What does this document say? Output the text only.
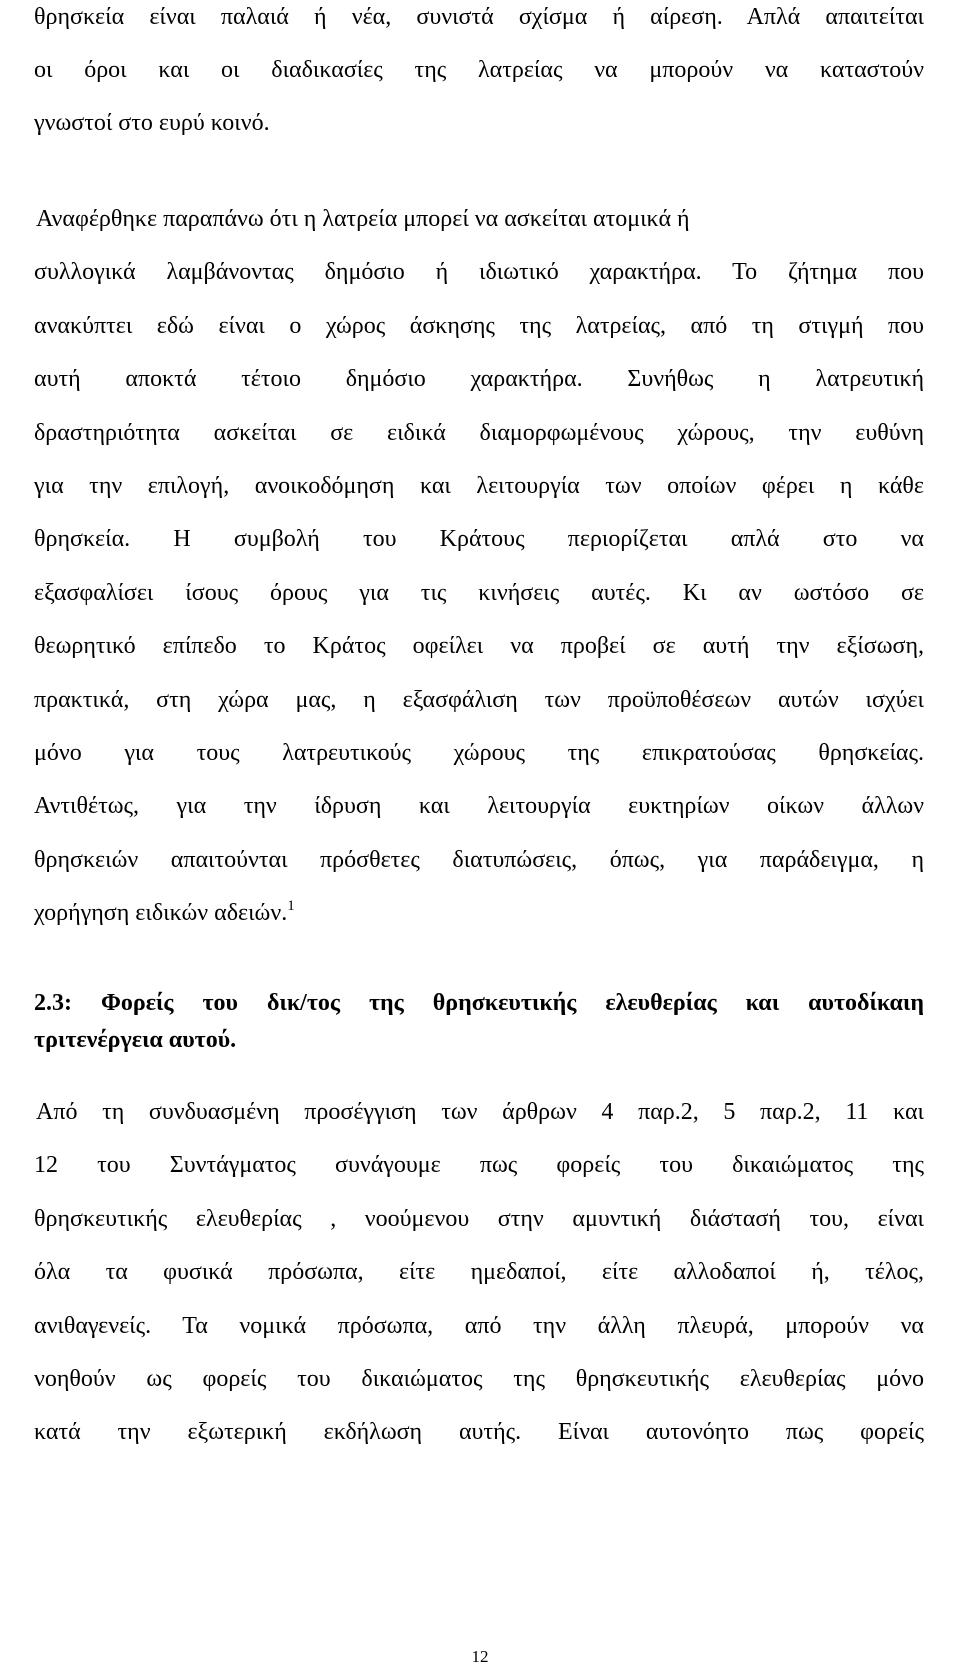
θρησκεία είναι παλαιά ή νέα, συνιστά σχίσμα ή αίρεση. Απλά απαιτείται
οι όροι και οι διαδικασίες της λατρείας να μπορούν να καταστούν
γνωστοί στο ευρύ κοινό.
Αναφέρθηκε παραπάνω ότι η λατρεία μπορεί να ασκείται ατομικά ή
συλλογικά λαμβάνοντας δημόσιο ή ιδιωτικό χαρακτήρα. Το ζήτημα που
ανακύπτει εδώ είναι ο χώρος άσκησης της λατρείας, από τη στιγμή που
αυτή αποκτά τέτοιο δημόσιο χαρακτήρα. Συνήθως η λατρευτική
δραστηριότητα ασκείται σε ειδικά διαμορφωμένους χώρους, την ευθύνη
για την επιλογή, ανοικοδόμηση και λειτουργία των οποίων φέρει η κάθε
θρησκεία. Η συμβολή του Κράτους περιορίζεται απλά στο να
εξασφαλίσει ίσους όρους για τις κινήσεις αυτές. Κι αν ωστόσο σε
θεωρητικό επίπεδο το Κράτος οφείλει να προβεί σε αυτή την εξίσωση,
πρακτικά, στη χώρα μας, η εξασφάλιση των προϋποθέσεων αυτών ισχύει
μόνο για τους λατρευτικούς χώρους της επικρατούσας θρησκείας.
Αντιθέτως, για την ίδρυση και λειτουργία ευκτηρίων οίκων άλλων
θρησκειών απαιτούνται πρόσθετες διατυπώσεις, όπως, για παράδειγμα, η
χορήγηση ειδικών αδειών.$^1$
2.3: Φορείς του δικ/τος της θρησκευτικής ελευθερίας και αυτοδίκαιη
τριτενέργεια αυτού.
Από τη συνδυασμένη προσέγγιση των άρθρων 4 παρ.2, 5 παρ.2, 11 και
12 του Συντάγματος συνάγουμε πως φορείς του δικαιώματος της
θρησκευτικής ελευθερίας , νοούμενου στην αμυντική διάστασή του, είναι
όλα τα φυσικά πρόσωπα, είτε ημεδαποί, είτε αλλοδαποί ή, τέλος,
ανιθαγενείς. Τα νομικά πρόσωπα, από την άλλη πλευρά, μπορούν να
νοηθούν ως φορείς του δικαιώματος της θρησκευτικής ελευθερίας μόνο
κατά την εξωτερική εκδήλωση αυτής. Είναι αυτονόητο πως φορείς
12
